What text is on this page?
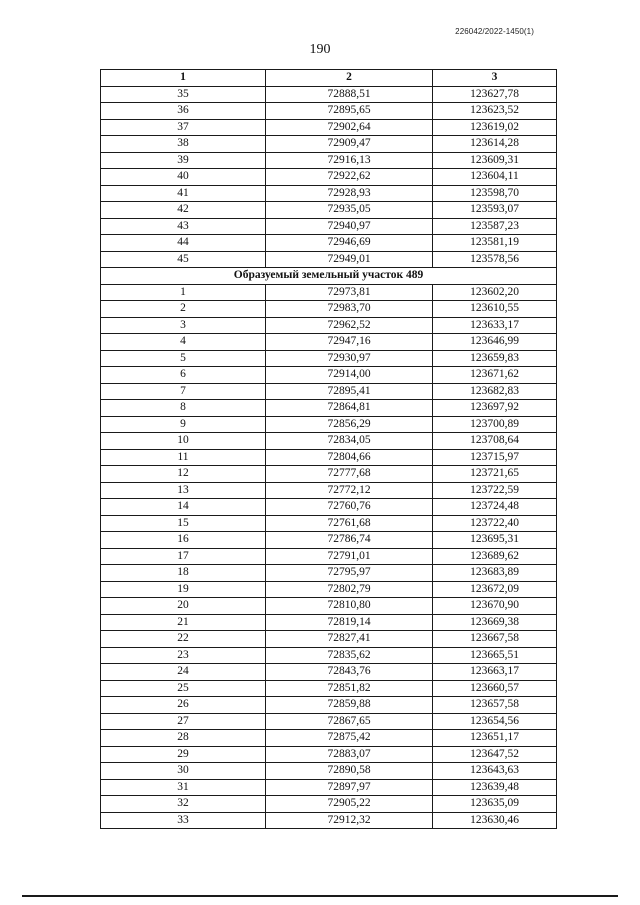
226042/2022-1450(1)
190
1	2	3
35	72888,51	123627,78
36	72895,65	123623,52
37	72902,64	123619,02
38	72909,47	123614,28
39	72916,13	123609,31
40	72922,62	123604,11
41	72928,93	123598,70
42	72935,05	123593,07
43	72940,97	123587,23
44	72946,69	123581,19
45	72949,01	123578,56
Образуемый земельный участок 489		
1	72973,81	123602,20
2	72983,70	123610,55
3	72962,52	123633,17
4	72947,16	123646,99
5	72930,97	123659,83
6	72914,00	123671,62
7	72895,41	123682,83
8	72864,81	123697,92
9	72856,29	123700,89
10	72834,05	123708,64
11	72804,66	123715,97
12	72777,68	123721,65
13	72772,12	123722,59
14	72760,76	123724,48
15	72761,68	123722,40
16	72786,74	123695,31
17	72791,01	123689,62
18	72795,97	123683,89
19	72802,79	123672,09
20	72810,80	123670,90
21	72819,14	123669,38
22	72827,41	123667,58
23	72835,62	123665,51
24	72843,76	123663,17
25	72851,82	123660,57
26	72859,88	123657,58
27	72867,65	123654,56
28	72875,42	123651,17
29	72883,07	123647,52
30	72890,58	123643,63
31	72897,97	123639,48
32	72905,22	123635,09
33	72912,32	123630,46
